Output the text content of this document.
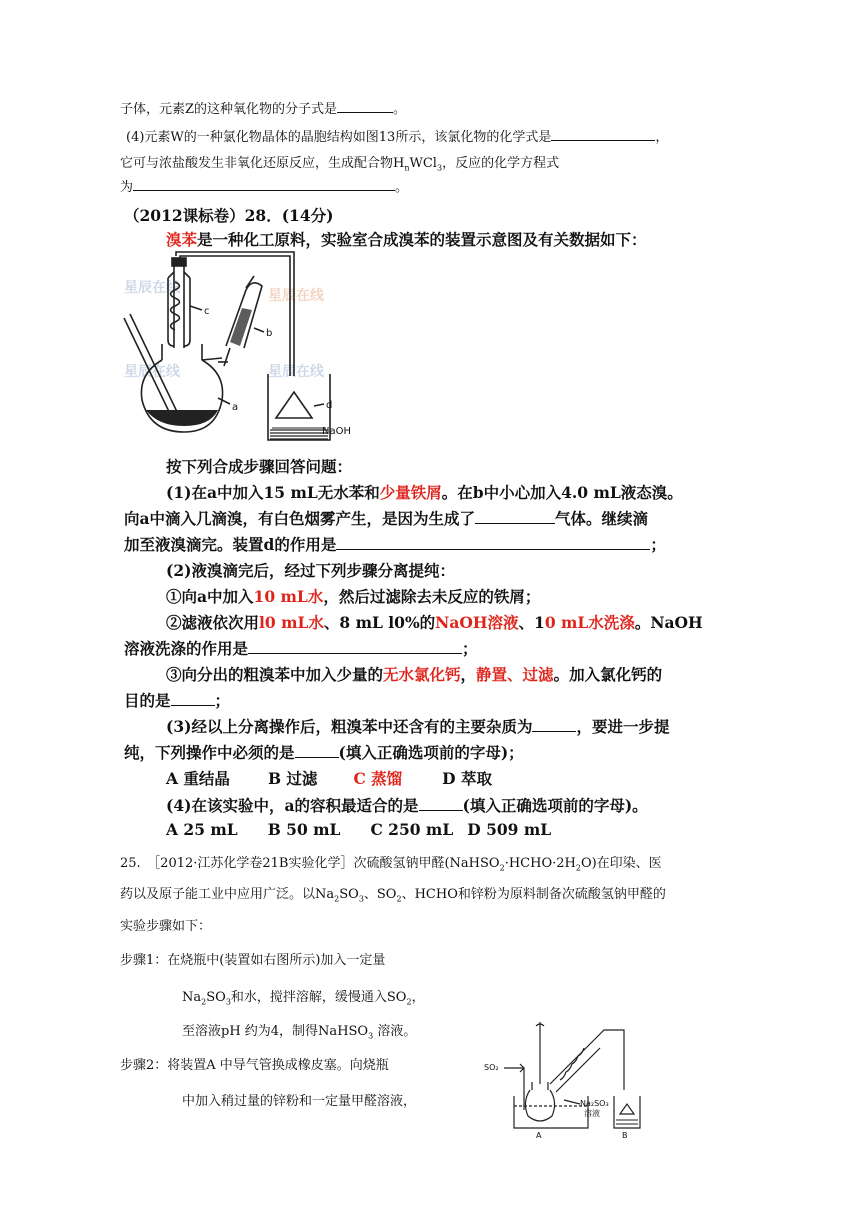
子体，元素Z的这种氧化物的分子式是	。
(4)元素W的一种氯化物晶体的晶胞结构如图13所示，该氯化物的化学式是	，
它可与浓盐酸发生非氧化还原反应，生成配合物$H_nWCl_3$，反应的化学方程式
为	。
（2012课标卷）28．(14分)
溴苯是一种化工原料，实验室合成溴苯的装置示意图及有关数据如下：
星辰在线	星辰在线
星辰在线	星辰在线
c
b
a	d
NaOH
按下列合成步骤回答问题：
(1)在a中加入15 mL无水苯和少量铁屑。在b中小心加入4.0 mL液态溴。
向a中滴入几滴溴，有白色烟雾产生，是因为生成了	气体。继续滴
加至液溴滴完。装置d的作用是	；
(2)液溴滴完后，经过下列步骤分离提纯：
①向a中加入10 mL水，然后过滤除去未反应的铁屑；
②滤液依次用l0 mL水、8 mL l0%的NaOH溶液、10 mL水洗涤。NaOH
溶液洗涤的作用是	；
③向分出的粗溴苯中加入少量的无水氯化钙，静置、过滤。加入氯化钙的
目的是	；
(3)经以上分离操作后，粗溴苯中还含有的主要杂质为	，要进一步提
纯，下列操作中必须的是	(填入正确选项前的字母)；
A 重结晶 B 过滤 C 蒸馏	D 萃取
(4)在该实验中，a的容积最适合的是	(填入正确选项前的字母)。
A 25 mL B 50 mL C 250 mL D 509 mL
25.　［2012·江苏化学卷21B实验化学］次硫酸氢钠甲醛$(NaHSO_2\cdot HCHO\cdot 2H_2O)$在印染、医
药以及原子能工业中应用广泛。以$Na_2SO_3$、$SO_2$、HCHO和锌粉为原料制备次硫酸氢钠甲醛的
实验步骤如下：
步骤1：在烧瓶中(装置如右图所示)加入一定量
$Na_2SO_3$和水，搅拌溶解，缓慢通入$SO_2$，
至溶液pH 约为4，制得NaHSO$_3$ 溶液。
步骤2：将装置A 中导气管换成橡皮塞。向烧瓶
中加入稍过量的锌粉和一定量甲醛溶液，
SO₂
Na₂SO₃
溶液
A	B
